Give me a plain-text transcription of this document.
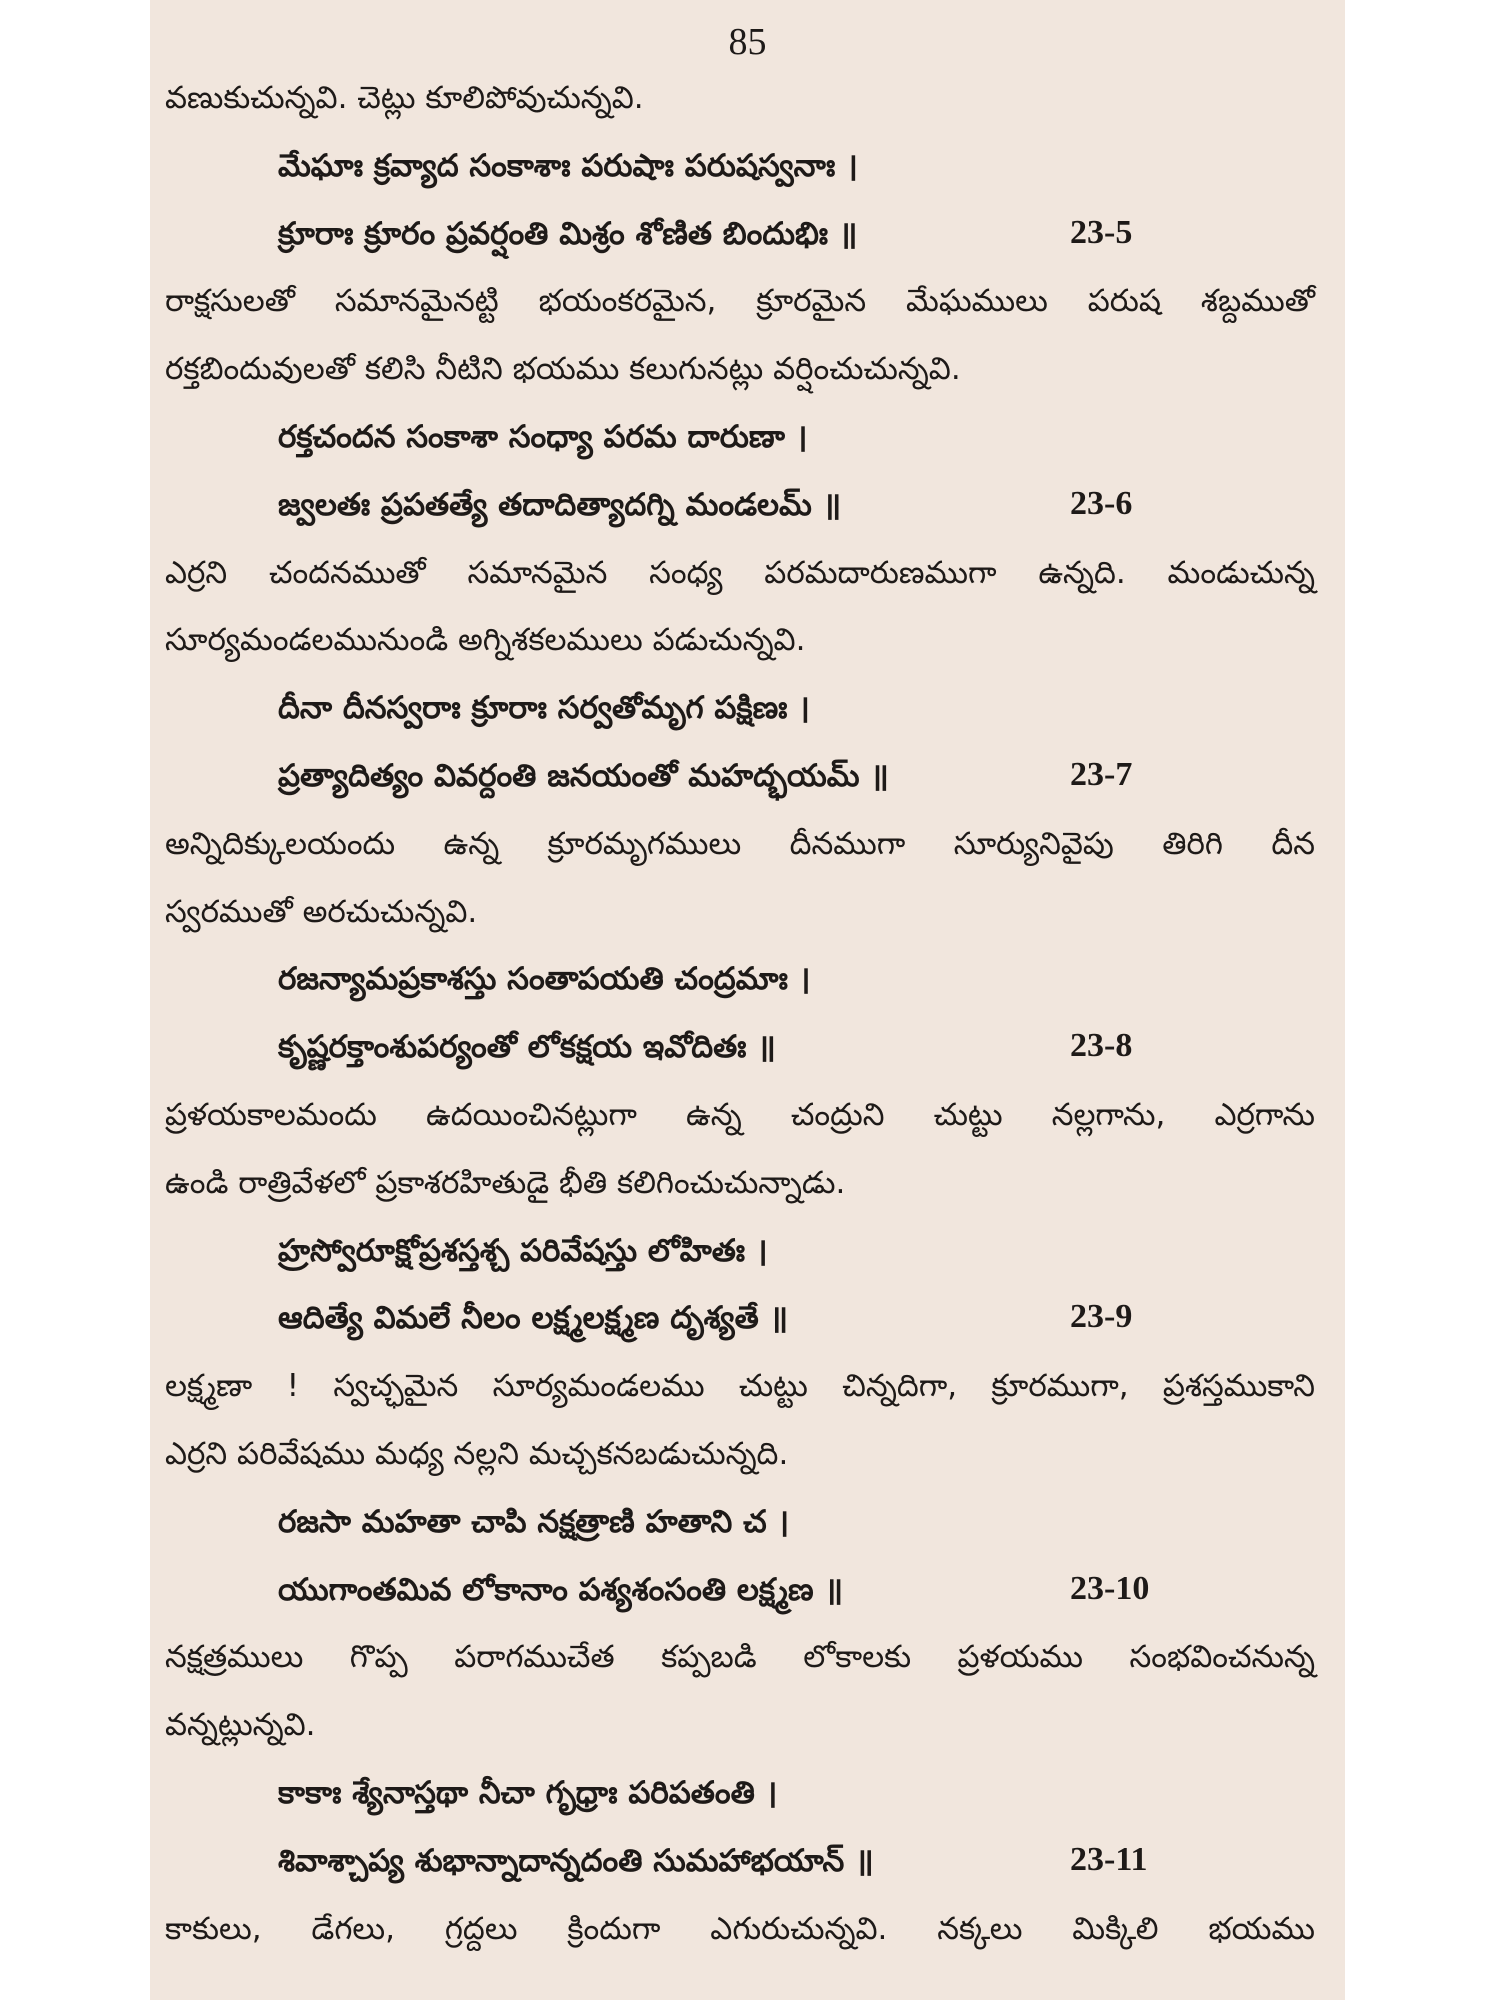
85
వణుకుచున్నవి. చెట్లు కూలిపోవుచున్నవి.
మేఘాః క్రవ్యాద సంకాశాః పరుషాః పరుషస్వనాః ।
క్రూరాః క్రూరం ప్రవర్షంతి మిశ్రం శోణిత బిందుభిః ॥	23-5
రాక్షసులతో సమానమైనట్టి భయంకరమైన, క్రూరమైన మేఘములు పరుష శబ్దముతో
రక్తబిందువులతో కలిసి నీటిని భయము కలుగునట్లు వర్షించుచున్నవి.
రక్తచందన సంకాశా సంధ్యా పరమ దారుణా ।
జ్వలతః ప్రపతత్యే తదాదిత్యాదగ్ని మండలమ్ ॥	23-6
ఎర్రని చందనముతో సమానమైన సంధ్య పరమదారుణముగా ఉన్నది. మండుచున్న
సూర్యమండలమునుండి అగ్నిశకలములు పడుచున్నవి.
దీనా దీనస్వరాః క్రూరాః సర్వతోమృగ పక్షిణః ।
ప్రత్యాదిత్యం వివర్దంతి జనయంతో మహద్భయమ్ ॥	23-7
అన్నిదిక్కులయందు ఉన్న క్రూరమృగములు దీనముగా సూర్యునివైపు తిరిగి దీన
స్వరముతో అరచుచున్నవి.
రజన్యామప్రకాశస్తు సంతాపయతి చంద్రమాః ।
కృష్ణరక్తాంశుపర్యంతో లోకక్షయ ఇవోదితః ॥	23-8
ప్రళయకాలమందు ఉదయించినట్లుగా ఉన్న చంద్రుని చుట్టు నల్లగాను, ఎర్రగాను
ఉండి రాత్రివేళలో ప్రకాశరహితుడై భీతి కలిగించుచున్నాడు.
హ్రస్వోరూక్షోప్రశస్తశ్చ పరివేషస్తు లోహితః ।
ఆదిత్యే విమలే నీలం లక్ష్మలక్ష్మణ దృశ్యతే ॥	23-9
లక్ష్మణా ! స్వచ్ఛమైన సూర్యమండలము చుట్టు చిన్నదిగా, క్రూరముగా, ప్రశస్తముకాని
ఎర్రని పరివేషము మధ్య నల్లని మచ్చకనబడుచున్నది.
రజసా మహతా చాపి నక్షత్రాణి హతాని చ ।
యుగాంతమివ లోకానాం పశ్యశంసంతి లక్ష్మణ ॥	23-10
నక్షత్రములు గొప్ప పరాగముచేత కప్పబడి లోకాలకు ప్రళయము సంభవించనున్న
వన్నట్లున్నవి.
కాకాః శ్యేనాస్తథా నీచా గృధ్రాః పరిపతంతి ।
శివాశ్చాప్య శుభాన్నాదాన్నదంతి సుమహాభయాన్ ॥	23-11
కాకులు, డేగలు, గ్రద్దలు క్రిందుగా ఎగురుచున్నవి. నక్కలు మిక్కిలి భయము
